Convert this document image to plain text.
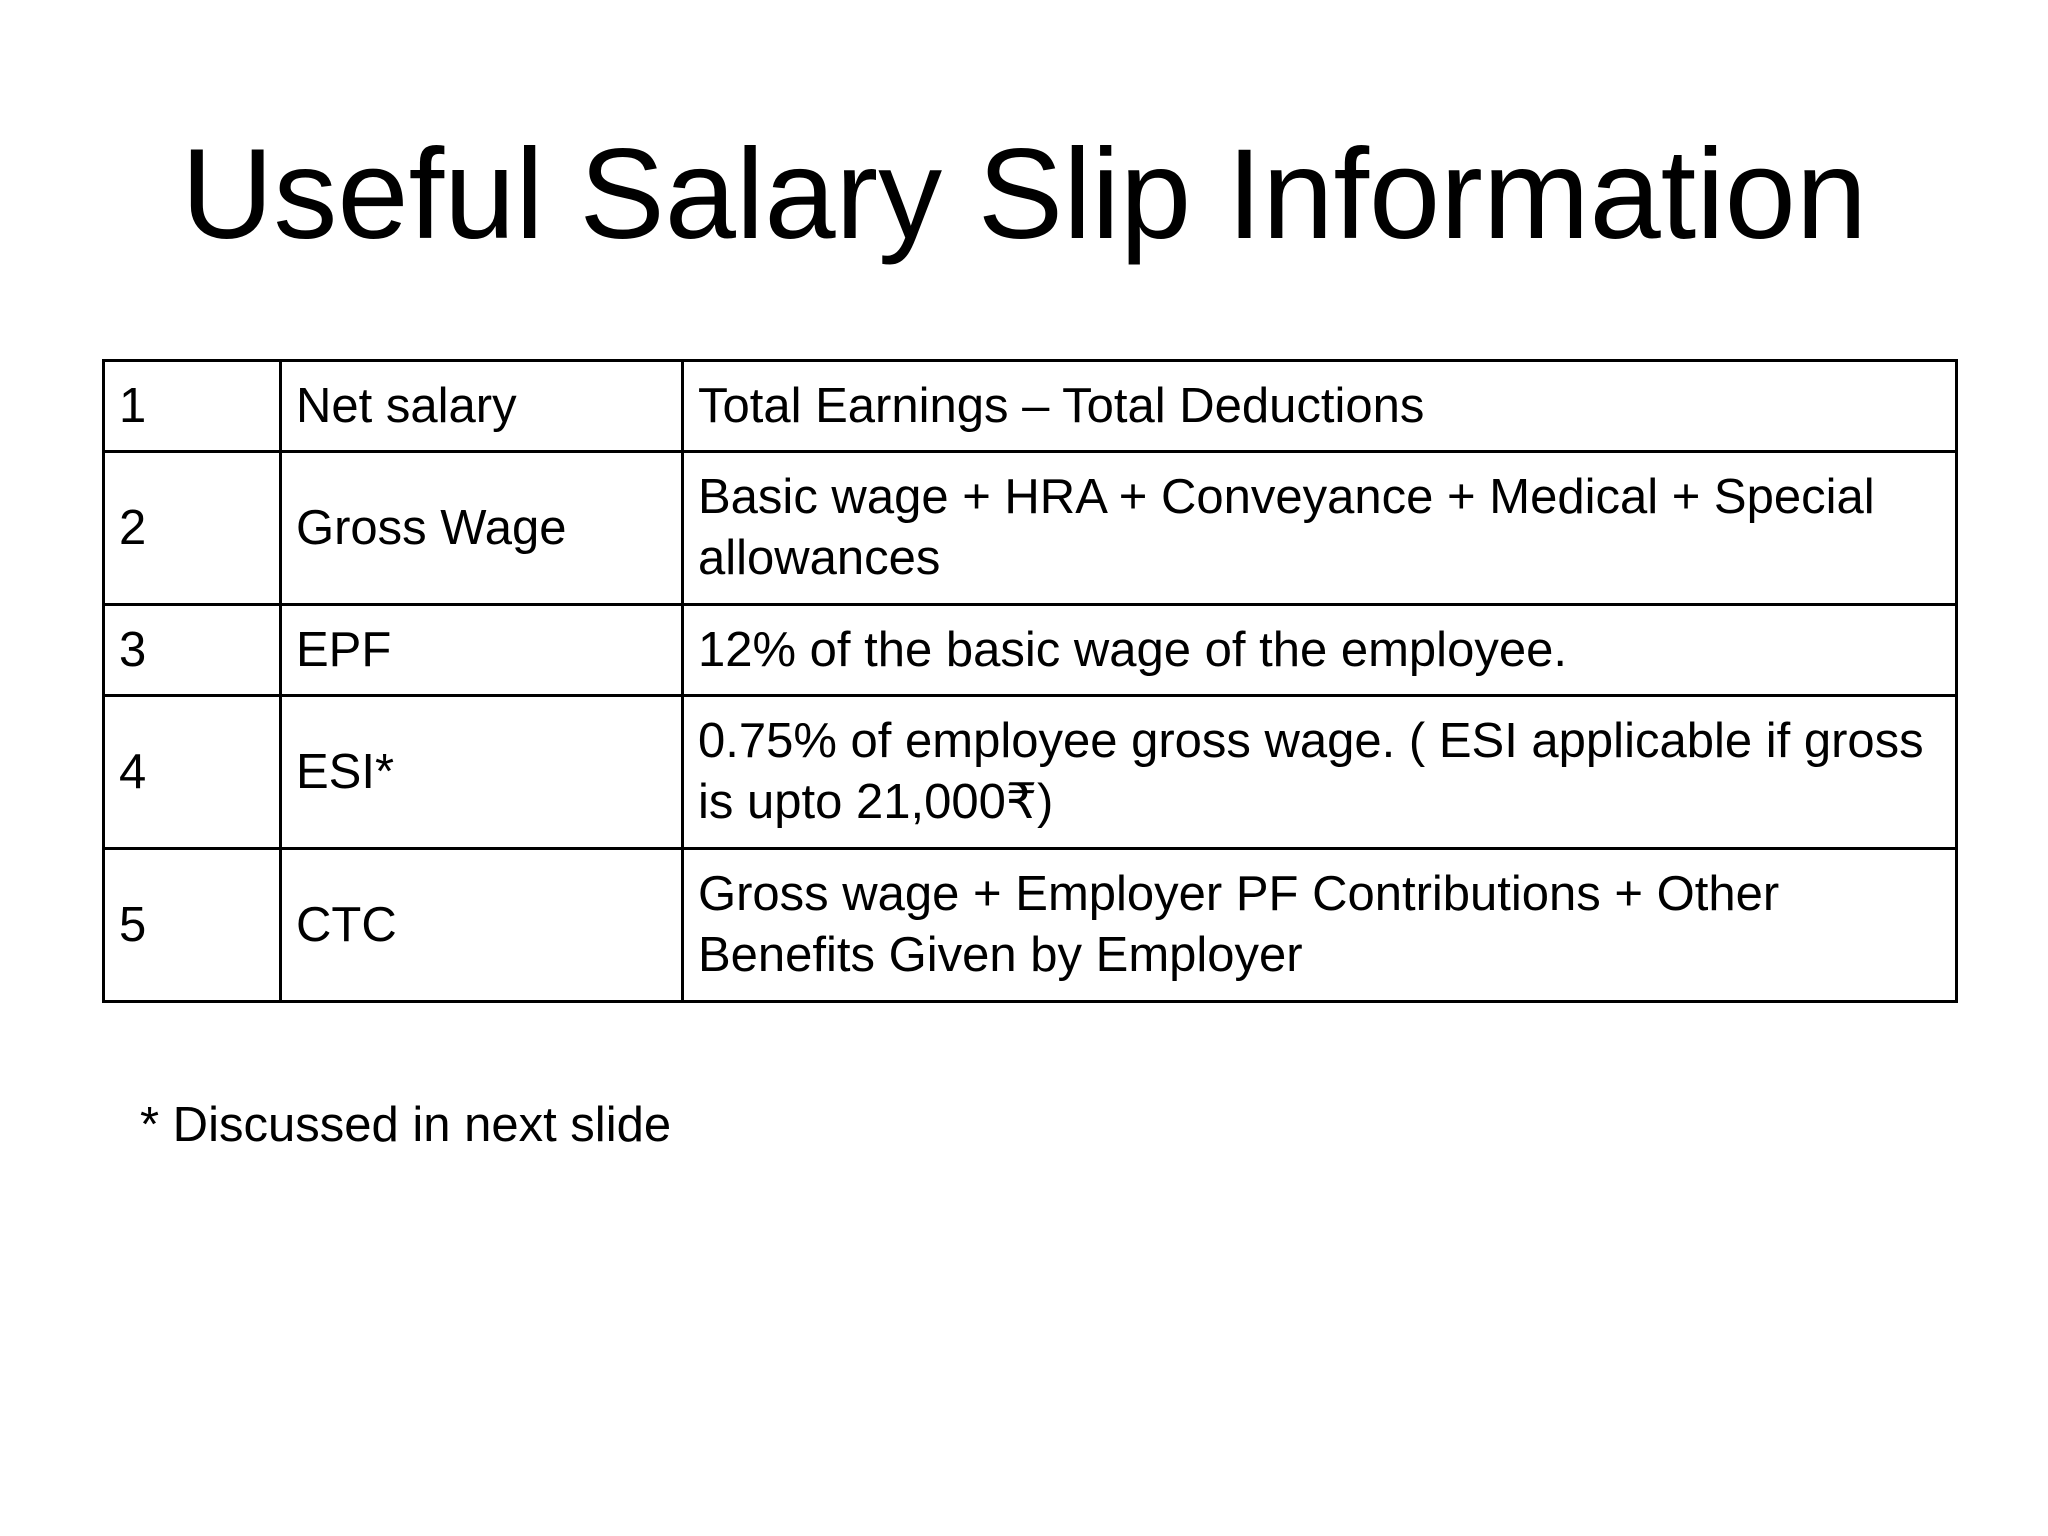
Useful Salary Slip Information
1	Net salary	Total Earnings – Total Deductions
2	Gross Wage	Basic wage + HRA + Conveyance + Medical + Special allowances
3	EPF	12% of the basic wage of the employee.
4	ESI*	0.75% of employee gross wage. ( ESI applicable if gross is upto 21,000₹)
5	CTC	Gross wage + Employer PF Contributions + Other Benefits Given by Employer

* Discussed in next slide
